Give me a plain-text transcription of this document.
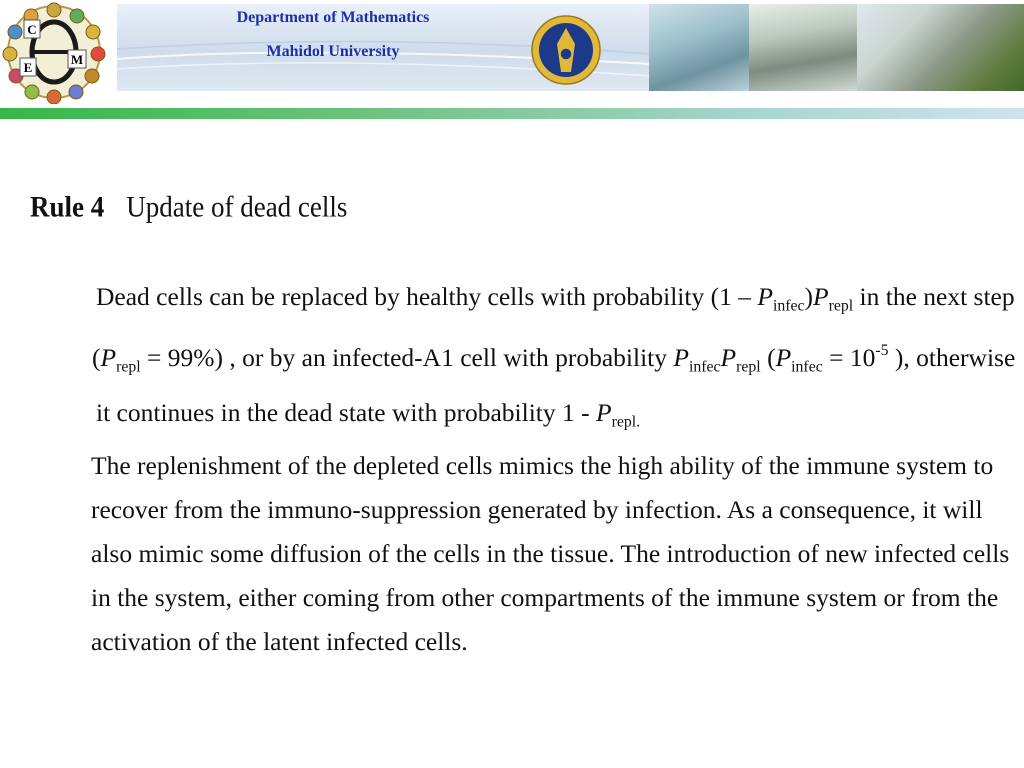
C
E
M
Department of Mathematics
Mahidol University
Rule 4 Update of dead cells
Dead cells can be replaced by healthy cells with probability $(1 - P_{infec})P_{repl}$ in the next step
$(P_{repl} = 99\%)$ , or by an infected-A1 cell with probability $P_{infec}P_{repl}$ ($P_{infec} = 10^{-5}$ ), otherwise
it continues in the dead state with probability $1 - P_{repl.}$
The replenishment of the depleted cells mimics the high ability of the immune system to
recover from the immuno-suppression generated by infection. As a consequence, it will
also mimic some diffusion of the cells in the tissue. The introduction of new infected cells
in the system, either coming from other compartments of the immune system or from the
activation of the latent infected cells.
